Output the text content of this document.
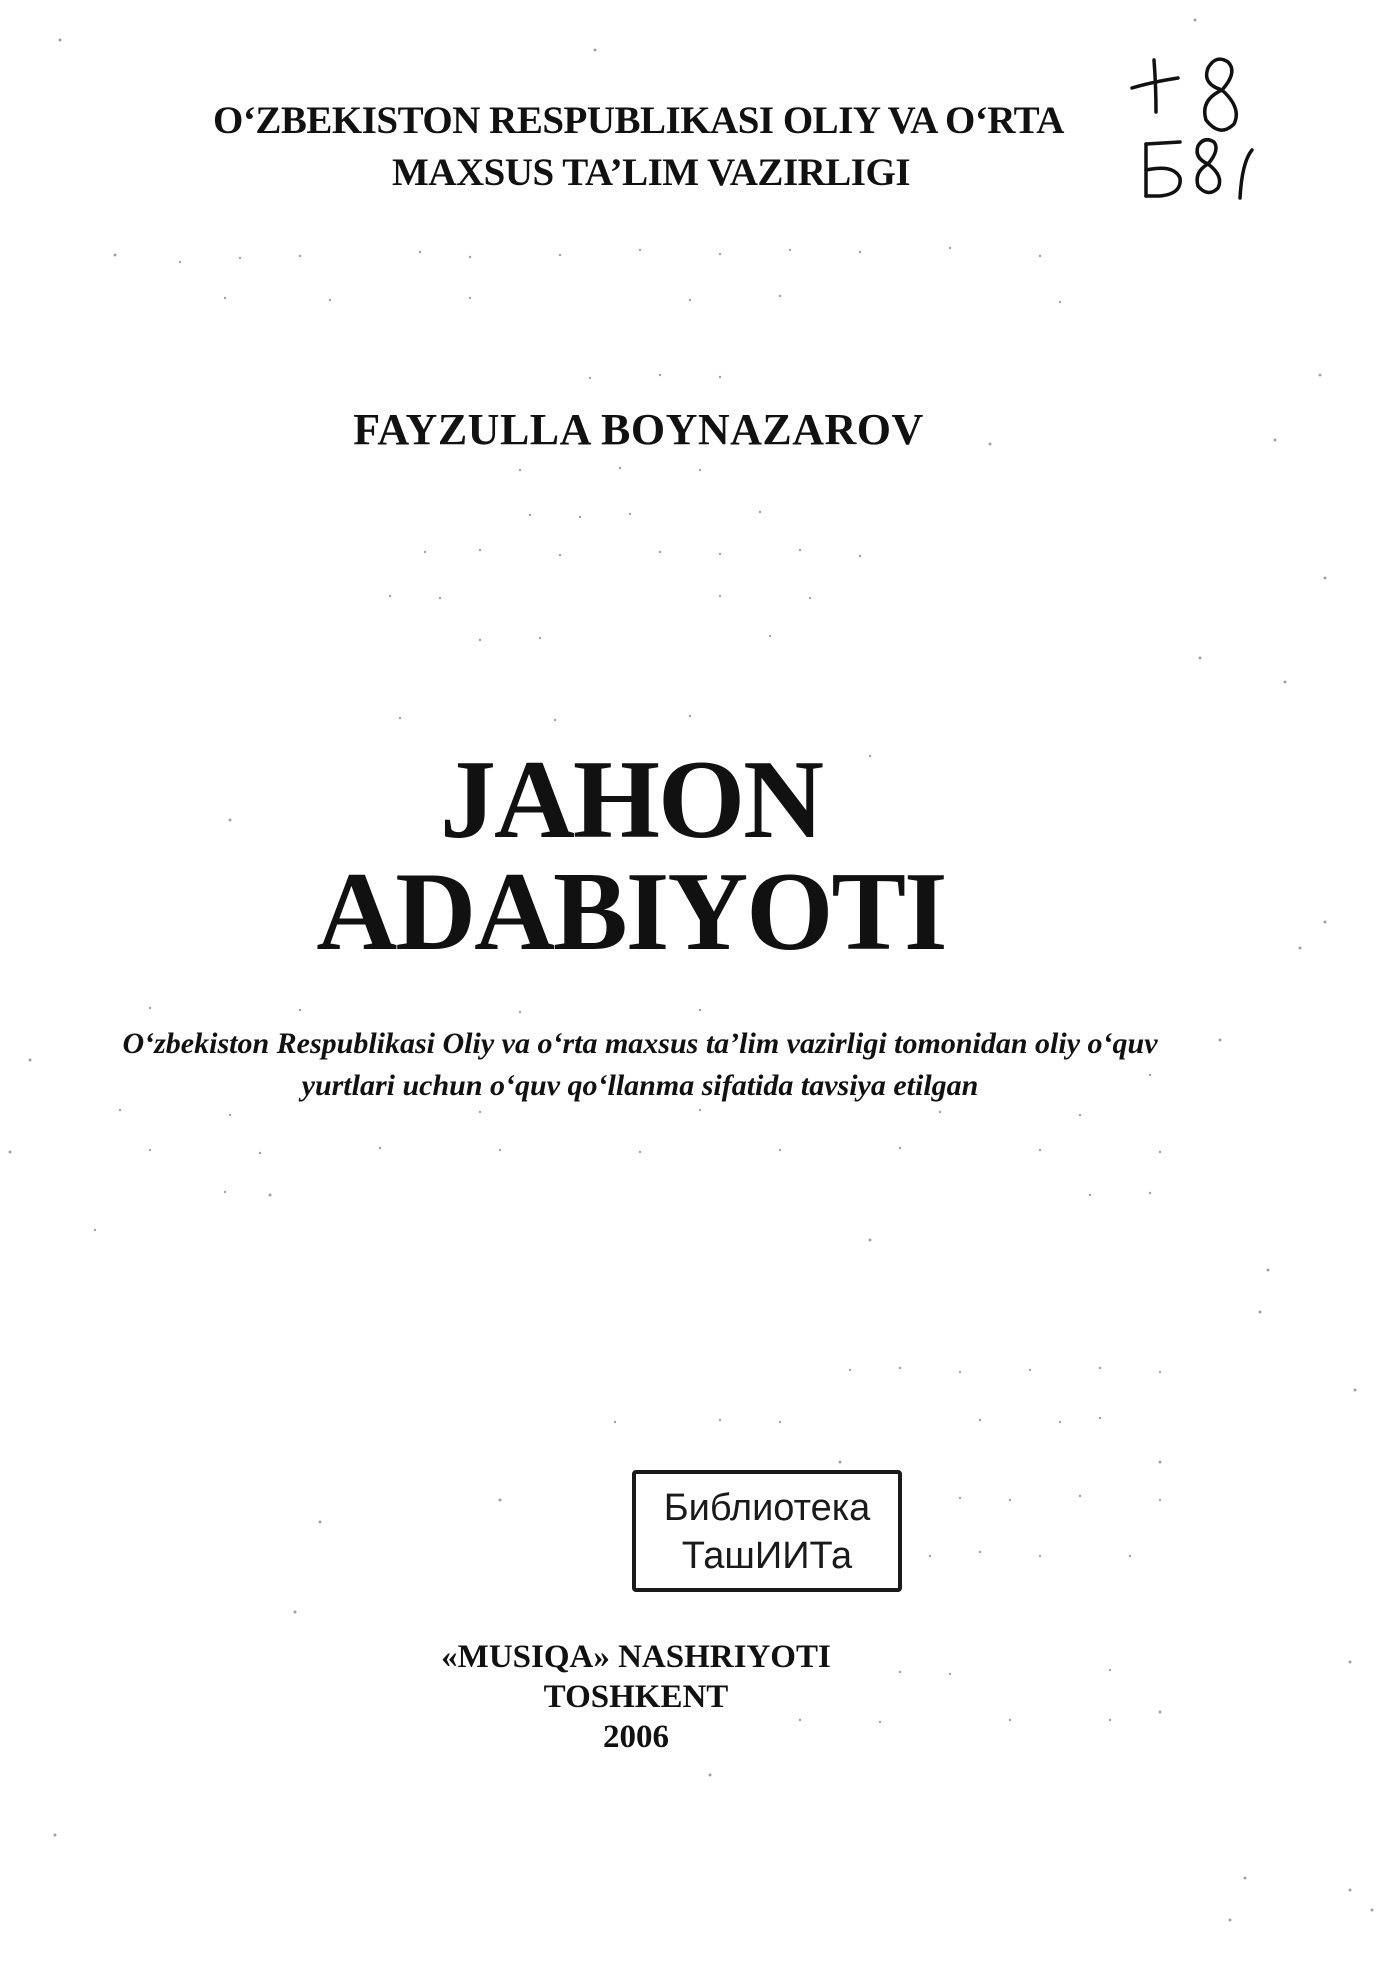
O‘ZBEKISTON RESPUBLIKASI OLIY VA O‘RTA
MAXSUS TA’LIM VAZIRLIGI
FAYZULLA BOYNAZAROV
JAHON
ADABIYOTI
O‘zbekiston Respublikasi Oliy va o‘rta maxsus ta’lim vazirligi tomonidan oliy o‘quv yurtlari uchun o‘quv qo‘llanma sifatida tavsiya etilgan
Библиотека
ТашИИТа
«MUSIQA» NASHRIYOTI
TOSHKENT
2006
